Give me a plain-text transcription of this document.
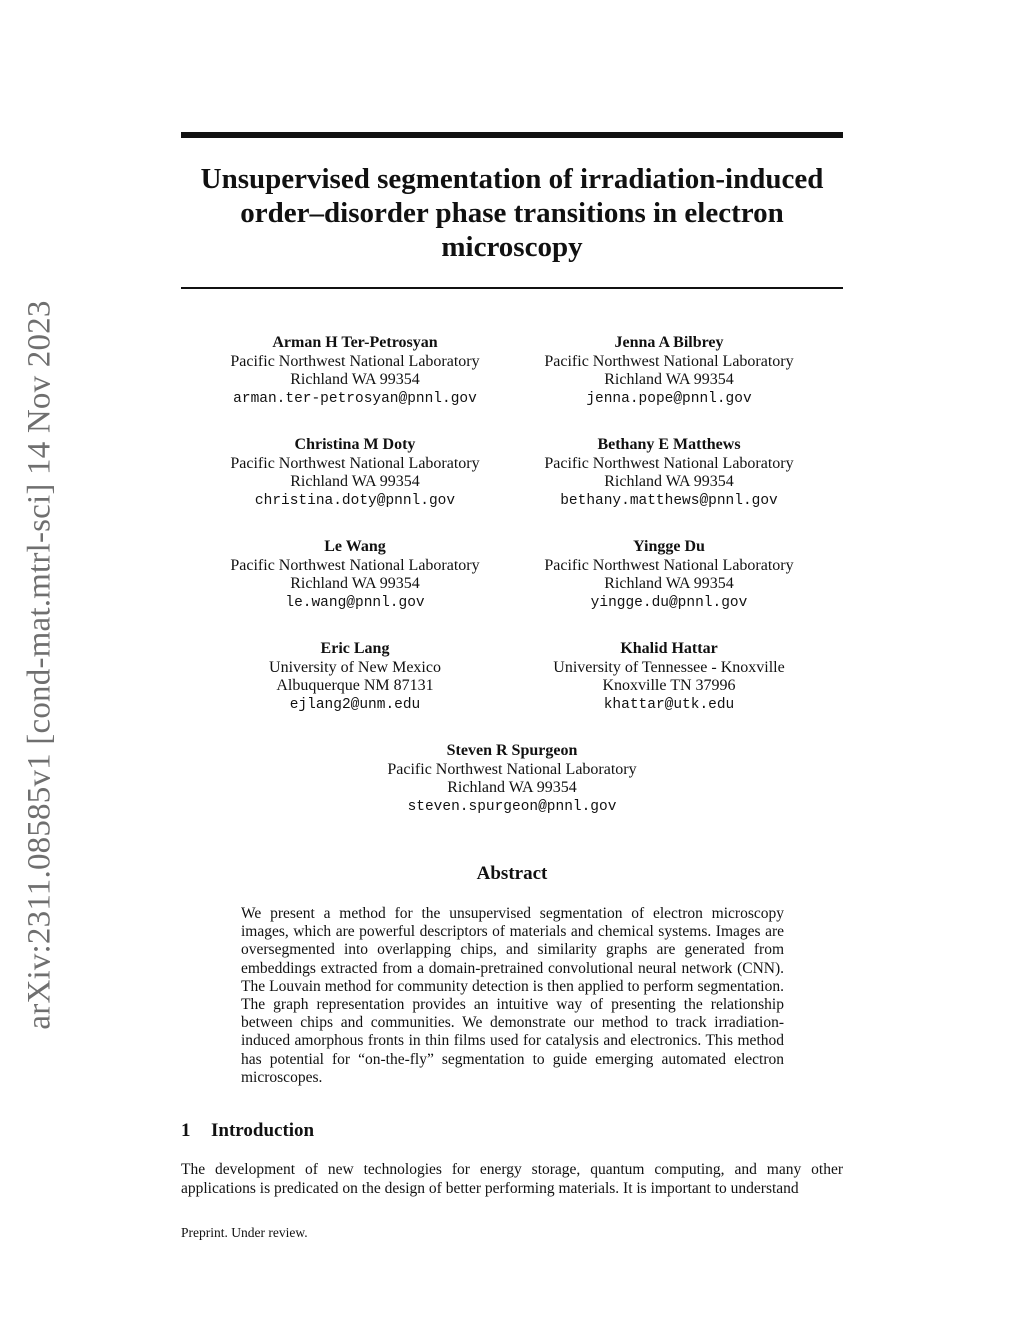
arXiv:2311.08585v1 [cond-mat.mtrl-sci] 14 Nov 2023
Unsupervised segmentation of irradiation-induced
order–disorder phase transitions in electron
microscopy
Arman H Ter-Petrosyan
Pacific Northwest National Laboratory
Richland WA 99354
arman.ter-petrosyan@pnnl.gov
Jenna A Bilbrey
Pacific Northwest National Laboratory
Richland WA 99354
jenna.pope@pnnl.gov
Christina M Doty
Pacific Northwest National Laboratory
Richland WA 99354
christina.doty@pnnl.gov
Bethany E Matthews
Pacific Northwest National Laboratory
Richland WA 99354
bethany.matthews@pnnl.gov
Le Wang
Pacific Northwest National Laboratory
Richland WA 99354
le.wang@pnnl.gov
Yingge Du
Pacific Northwest National Laboratory
Richland WA 99354
yingge.du@pnnl.gov
Eric Lang
University of New Mexico
Albuquerque NM 87131
ejlang2@unm.edu
Khalid Hattar
University of Tennessee - Knoxville
Knoxville TN 37996
khattar@utk.edu
Steven R Spurgeon
Pacific Northwest National Laboratory
Richland WA 99354
steven.spurgeon@pnnl.gov
Abstract

We present a method for the unsupervised segmentation of electron microscopy images, which are powerful descriptors of materials and chemical systems. Images are oversegmented into overlapping chips, and similarity graphs are generated from embeddings extracted from a domain-pretrained convolutional neural network (CNN). The Louvain method for community detection is then applied to perform segmentation. The graph representation provides an intuitive way of presenting the relationship between chips and communities. We demonstrate our method to track irradiation-induced amorphous fronts in thin films used for catalysis and electronics. This method has potential for “on-the-fly” segmentation to guide emerging automated electron microscopes.

1 Introduction

The development of new technologies for energy storage, quantum computing, and many other applications is predicated on the design of better performing materials. It is important to understand

Preprint. Under review.
